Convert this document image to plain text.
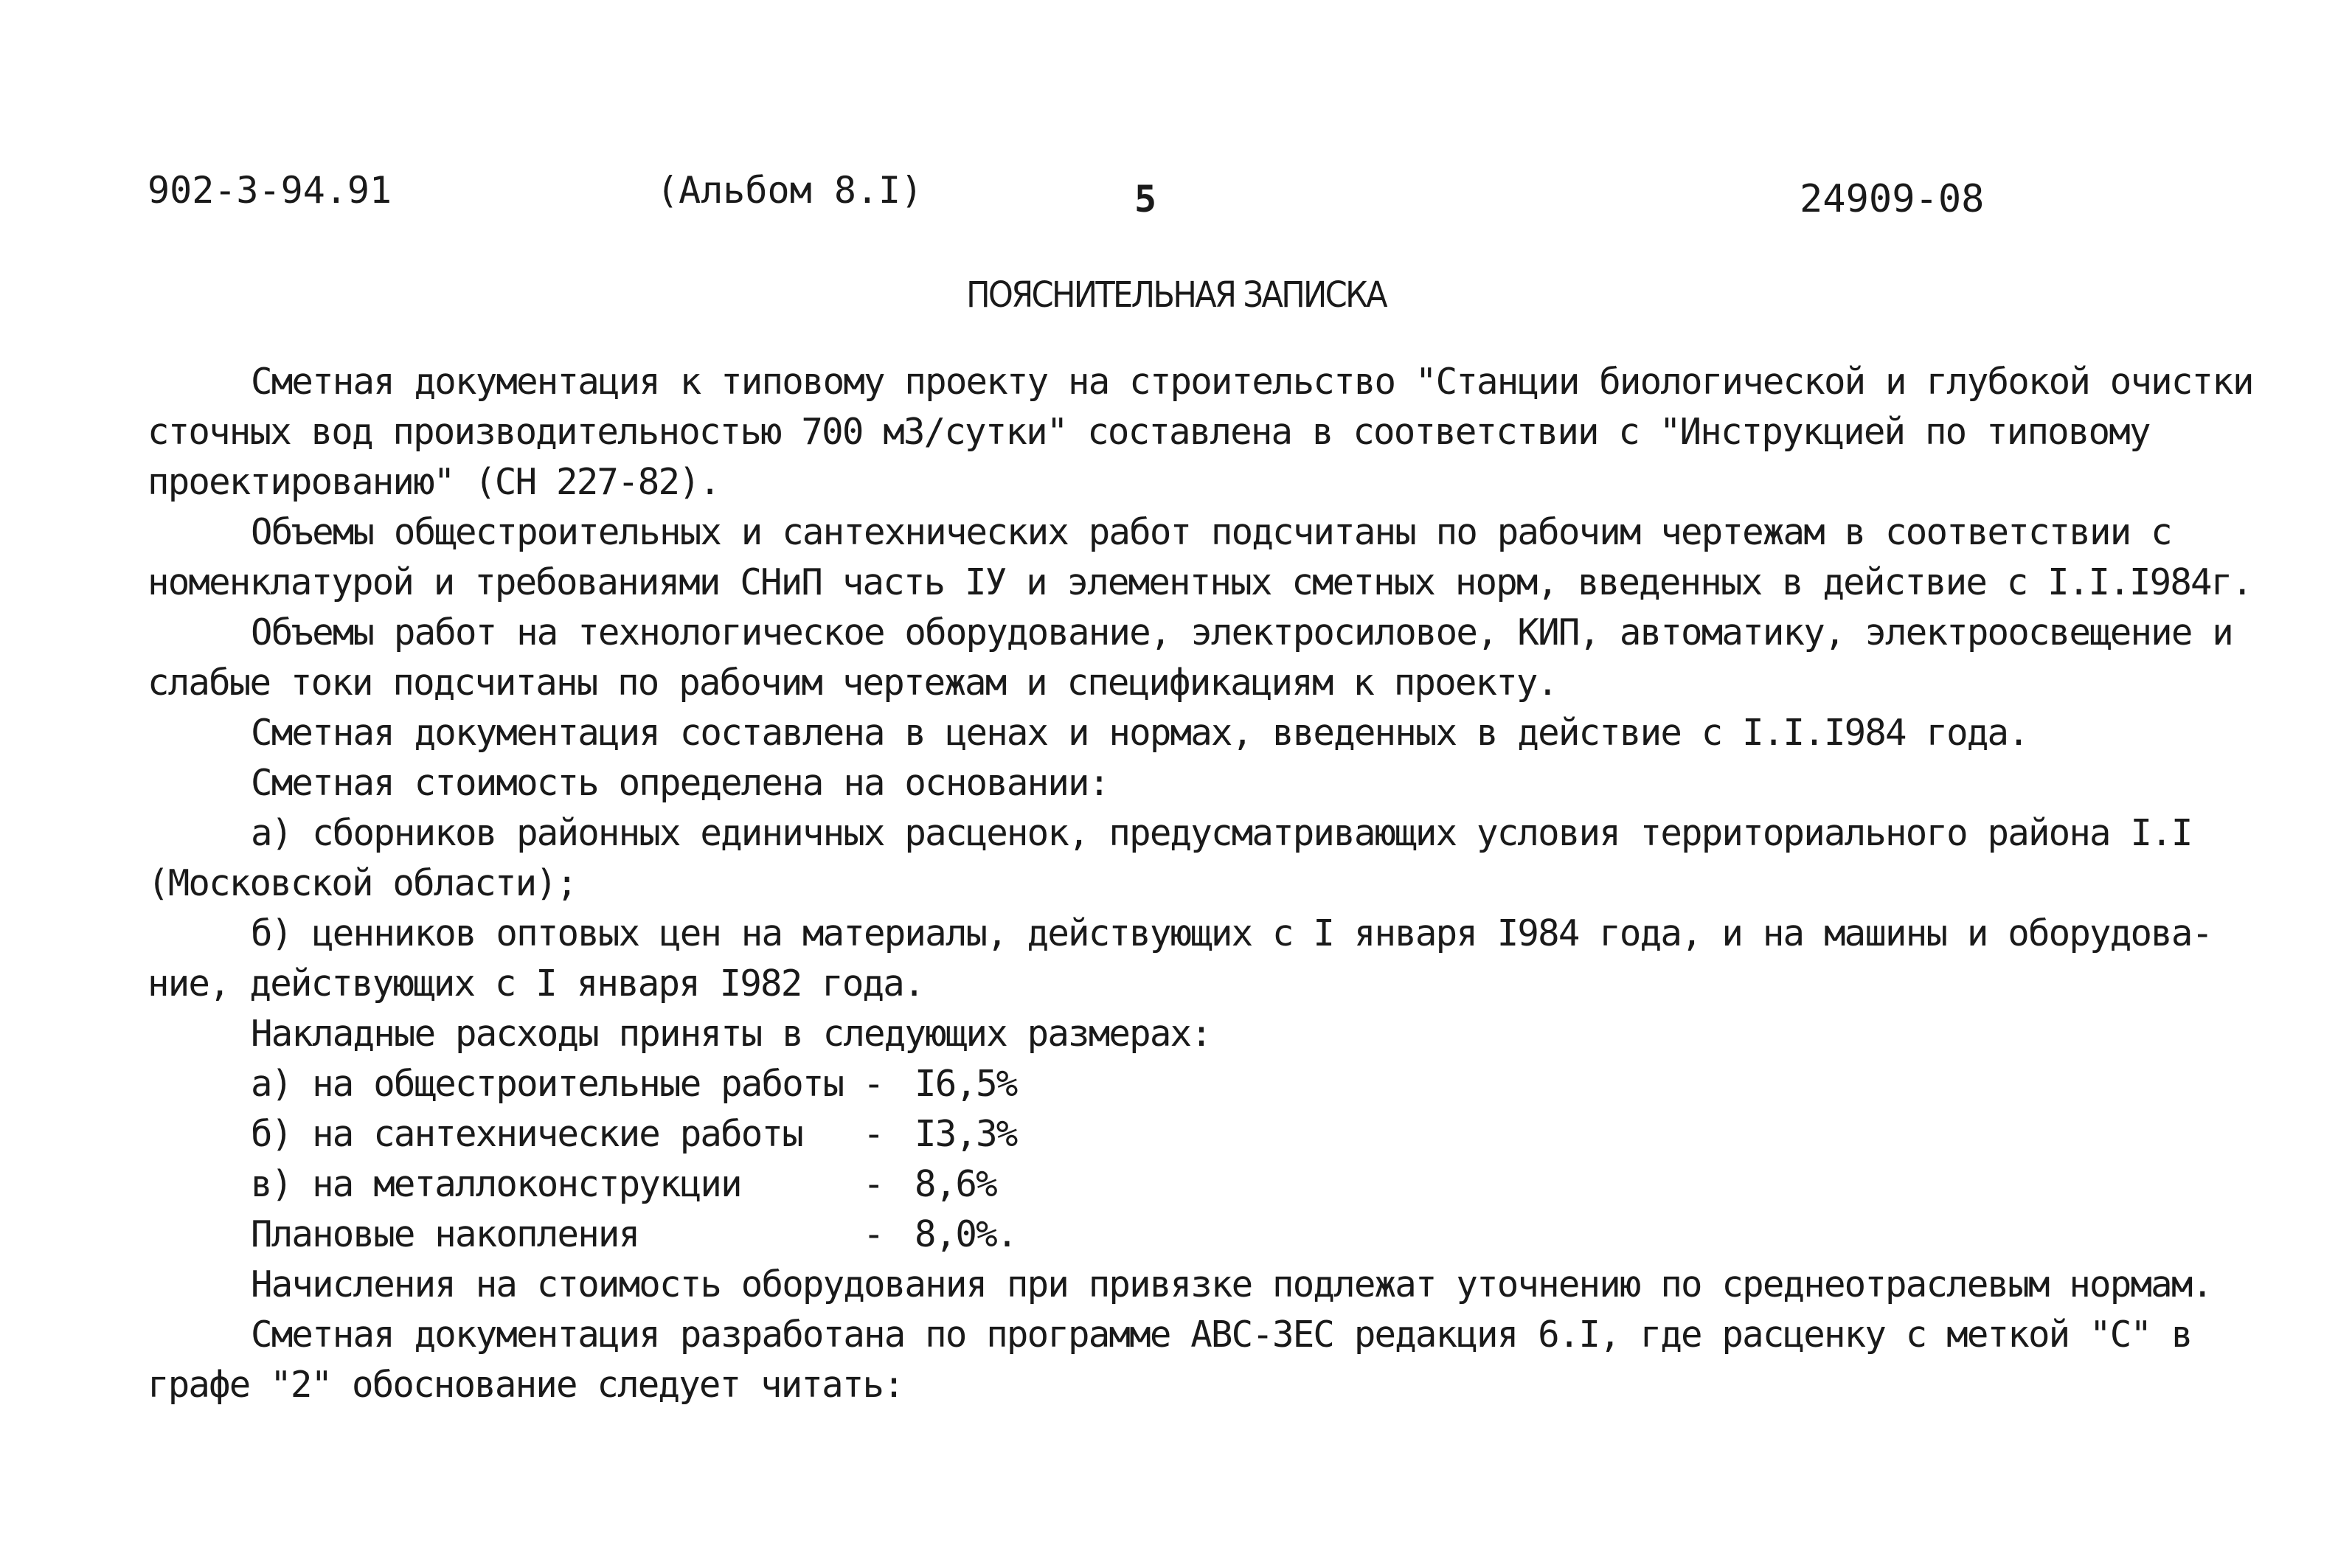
902-3-94.91	(Альбом 8.I)	5	24909-08
ПОЯСНИТЕЛЬНАЯ ЗАПИСКА
Сметная документация к типовому проекту на строительство "Станции биологической и глубокой очистки
сточных вод производительностью 700 м3/сутки" составлена в соответствии с "Инструкцией по типовому
проектированию" (СН 227-82).
Объемы общестроительных и сантехнических работ подсчитаны по рабочим чертежам в соответствии с
номенклатурой и требованиями СНиП часть IУ и элементных сметных норм, введенных в действие с I.I.I984г.
Объемы работ на технологическое оборудование, электросиловое, КИП, автоматику, электроосвещение и
слабые токи подсчитаны по рабочим чертежам и спецификациям к проекту.
Сметная документация составлена в ценах и нормах, введенных в действие с I.I.I984 года.
Сметная стоимость определена на основании:
а) сборников районных единичных расценок, предусматривающих условия территориального района I.I
(Московской области);
б) ценников оптовых цен на материалы, действующих с I января I984 года, и на машины и оборудова-
ние, действующих с I января I982 года.
Накладные расходы приняты в следующих размерах:
а) на общестроительные работы - I6,5%
б) на сантехнические работы - I3,3%
в) на металлоконструкции	- 8,6%
Плановые накопления	- 8,0%.
Начисления на стоимость оборудования при привязке подлежат уточнению по среднеотраслевым нормам.
Сметная документация разработана по программе АВС-ЗЕС редакция 6.I, где расценку с меткой "С" в
графе "2" обоснование следует читать:
